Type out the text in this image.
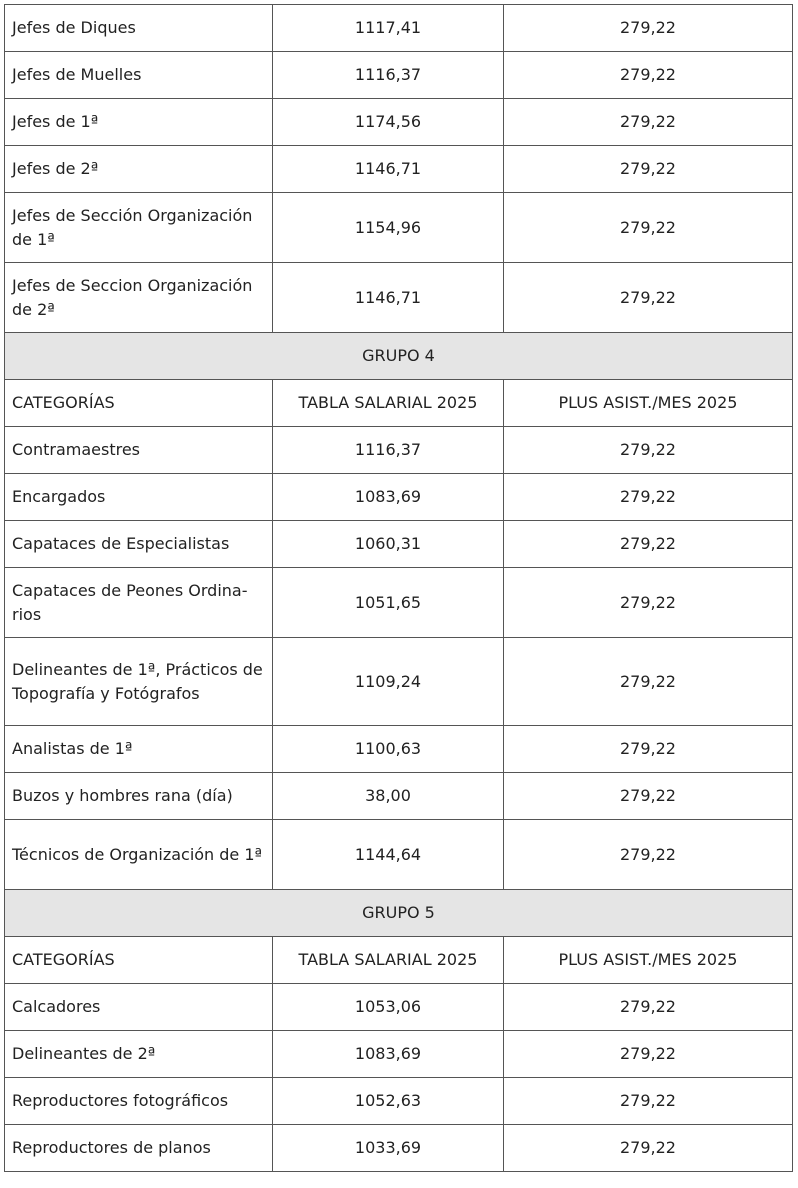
Jefes de Diques	1117,41	279,22
Jefes de Muelles	1116,37	279,22
Jefes de 1ª	1174,56	279,22
Jefes de 2ª	1146,71	279,22
Jefes de Sección Organización de 1ª	1154,96	279,22
Jefes de Seccion Organización de 2ª	1146,71	279,22
GRUPO 4		
CATEGORÍAS	TABLA SALARIAL 2025	PLUS ASIST./MES 2025
Contramaestres	1116,37	279,22
Encargados	1083,69	279,22
Capataces de Especialistas	1060,31	279,22
Capataces de Peones Ordina-rios	1051,65	279,22
Delineantes de 1ª, Prácticos de Topografía y Fotógrafos	1109,24	279,22
Analistas de 1ª	1100,63	279,22
Buzos y hombres rana (día)	38,00	279,22
Técnicos de Organización de 1ª	1144,64	279,22
GRUPO 5		
CATEGORÍAS	TABLA SALARIAL 2025	PLUS ASIST./MES 2025
Calcadores	1053,06	279,22
Delineantes de 2ª	1083,69	279,22
Reproductores fotográficos	1052,63	279,22
Reproductores de planos	1033,69	279,22
